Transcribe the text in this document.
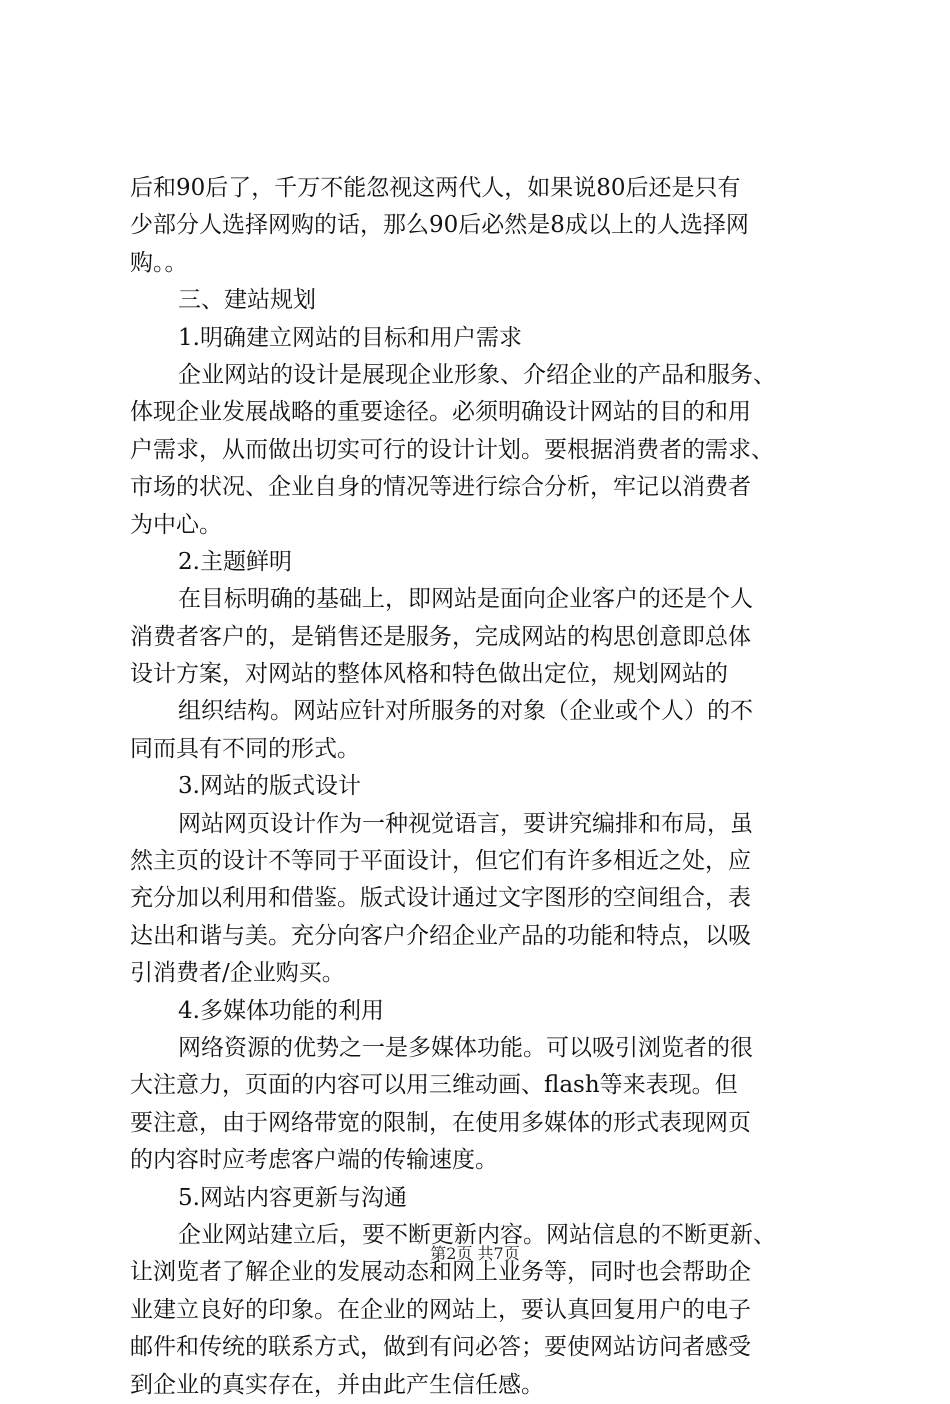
后和90后了，千万不能忽视这两代人，如果说80后还是只有
少部分人选择网购的话，那么90后必然是8成以上的人选择网
购。。
三、建站规划
1.明确建立网站的目标和用户需求
企业网站的设计是展现企业形象、介绍企业的产品和服务、
体现企业发展战略的重要途径。必须明确设计网站的目的和用
户需求，从而做出切实可行的设计计划。要根据消费者的需求、
市场的状况、企业自身的情况等进行综合分析，牢记以消费者
为中心。
2.主题鲜明
在目标明确的基础上，即网站是面向企业客户的还是个人
消费者客户的，是销售还是服务，完成网站的构思创意即总体
设计方案，对网站的整体风格和特色做出定位，规划网站的
组织结构。网站应针对所服务的对象（企业或个人）的不
同而具有不同的形式。
3.网站的版式设计
网站网页设计作为一种视觉语言，要讲究编排和布局，虽
然主页的设计不等同于平面设计，但它们有许多相近之处，应
充分加以利用和借鉴。版式设计通过文字图形的空间组合，表
达出和谐与美。充分向客户介绍企业产品的功能和特点，以吸
引消费者/企业购买。
4.多媒体功能的利用
网络资源的优势之一是多媒体功能。可以吸引浏览者的很
大注意力，页面的内容可以用三维动画、flash等来表现。但
要注意，由于网络带宽的限制，在使用多媒体的形式表现网页
的内容时应考虑客户端的传输速度。
5.网站内容更新与沟通
企业网站建立后，要不断更新内容。网站信息的不断更新、
让浏览者了解企业的发展动态和网上业务等，同时也会帮助企
业建立良好的印象。在企业的网站上，要认真回复用户的电子
邮件和传统的联系方式，做到有问必答；要使网站访问者感受
到企业的真实存在，并由此产生信任感。
第2页 共7页
